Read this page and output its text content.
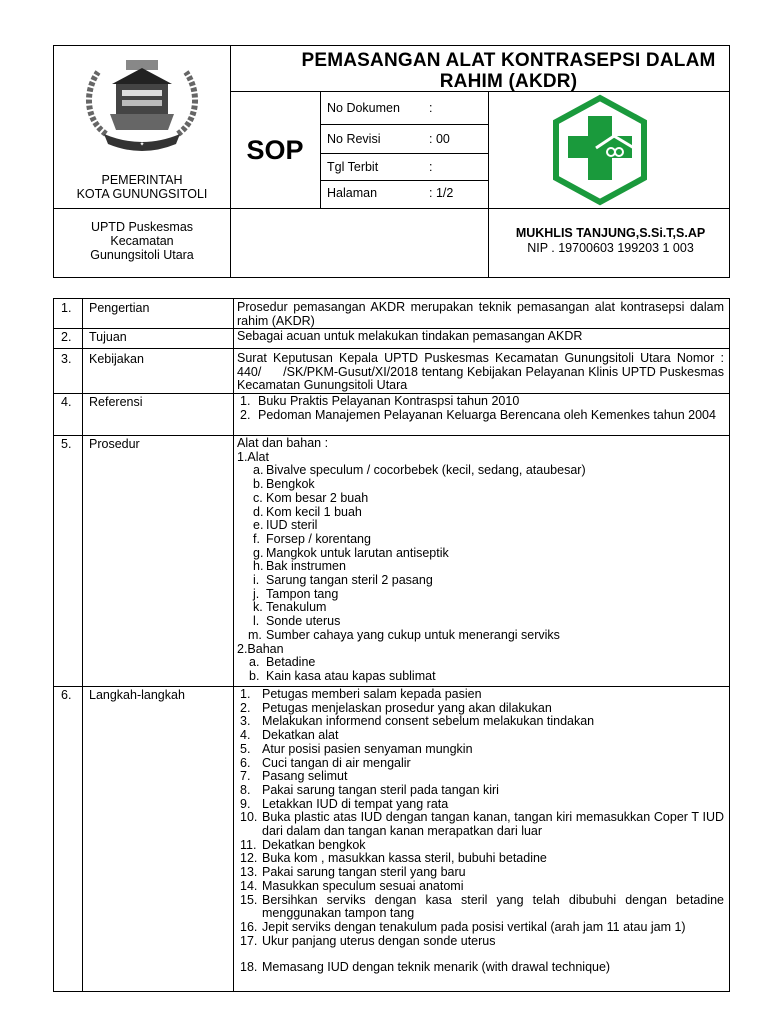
✦
PEMERINTAH
KOTA GUNUNGSITOLI
PEMASANGAN ALAT KONTRASEPSI DALAM RAHIM (AKDR)
SOP
No Dokumen :
No Revisi	: 00
Tgl Terbit	:
Halaman	: 1/2
UPTD Puskesmas
Kecamatan
Gunungsitoli Utara
MUKHLIS TANJUNG,S.Si.T,S.AP
NIP . 19700603 199203 1 003
1. Pengertian	Prosedur pemasangan AKDR merupakan teknik pemasangan alat kontrasepsi dalam rahim (AKDR)
2. Tujuan	Sebagai acuan untuk melakukan tindakan pemasangan AKDR
3. Kebijakan	Surat Keputusan Kepala UPTD Puskesmas Kecamatan Gunungsitoli Utara Nomor : 440/      /SK/PKM-Gusut/XI/2018 tentang Kebijakan Pelayanan Klinis UPTD Puskesmas Kecamatan Gunungsitoli Utara
4. Referensi	1. Buku Praktis Pelayanan Kontraspsi tahun 2010
2. Pedoman Manajemen Pelayanan Keluarga Berencana oleh Kemenkes tahun 2004
5. Prosedur	Alat dan bahan :
1.Alat
a. Bivalve speculum / cocorbebek (kecil, sedang, ataubesar)
b. Bengkok
c. Kom besar 2 buah
d. Kom kecil 1 buah
e. IUD steril
f. Forsep / korentang
g. Mangkok untuk larutan antiseptik
h. Bak instrumen
i. Sarung tangan steril 2 pasang
j. Tampon tang
k. Tenakulum
l. Sonde uterus
m. Sumber cahaya yang cukup untuk menerangi serviks
2.Bahan
a. Betadine
b. Kain kasa atau kapas sublimat
6. Langkah-langkah	1. Petugas memberi salam kepada pasien
2. Petugas menjelaskan prosedur yang akan dilakukan
3. Melakukan informend consent sebelum melakukan tindakan
4. Dekatkan alat
5. Atur posisi pasien senyaman mungkin
6. Cuci tangan di air mengalir
7. Pasang selimut
8. Pakai sarung tangan steril pada tangan kiri
9. Letakkan IUD di tempat yang rata
10. Buka plastic atas IUD dengan tangan kanan, tangan kiri memasukkan Coper T IUD dari dalam dan tangan kanan merapatkan dari luar
11. Dekatkan bengkok
12. Buka kom , masukkan kassa steril, bubuhi betadine
13. Pakai sarung tangan steril yang baru
14. Masukkan speculum sesuai anatomi
15. Bersihkan serviks dengan kasa steril yang telah dibubuhi dengan betadine menggunakan tampon tang
16. Jepit serviks dengan tenakulum pada posisi vertikal (arah jam 11 atau jam 1)
17. Ukur panjang uterus dengan sonde uterus
18. Memasang IUD dengan teknik menarik (with drawal technique)
